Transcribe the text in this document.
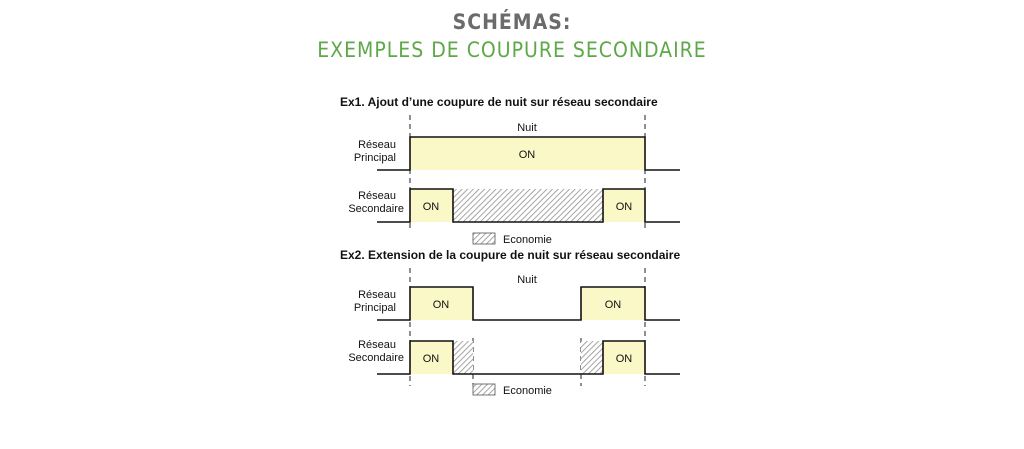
SCHÉMAS:
EXEMPLES DE COUPURE SECONDAIRE
Ex1. Ajout d’une coupure de nuit sur réseau secondaire
Nuit
Réseau
Principal	ON
Réseau
Secondaire ON	ON
Economie
Ex2. Extension de la coupure de nuit sur réseau secondaire
Nuit
Réseau
Principal	ON	ON
Réseau
Secondaire ON	ON
Economie
